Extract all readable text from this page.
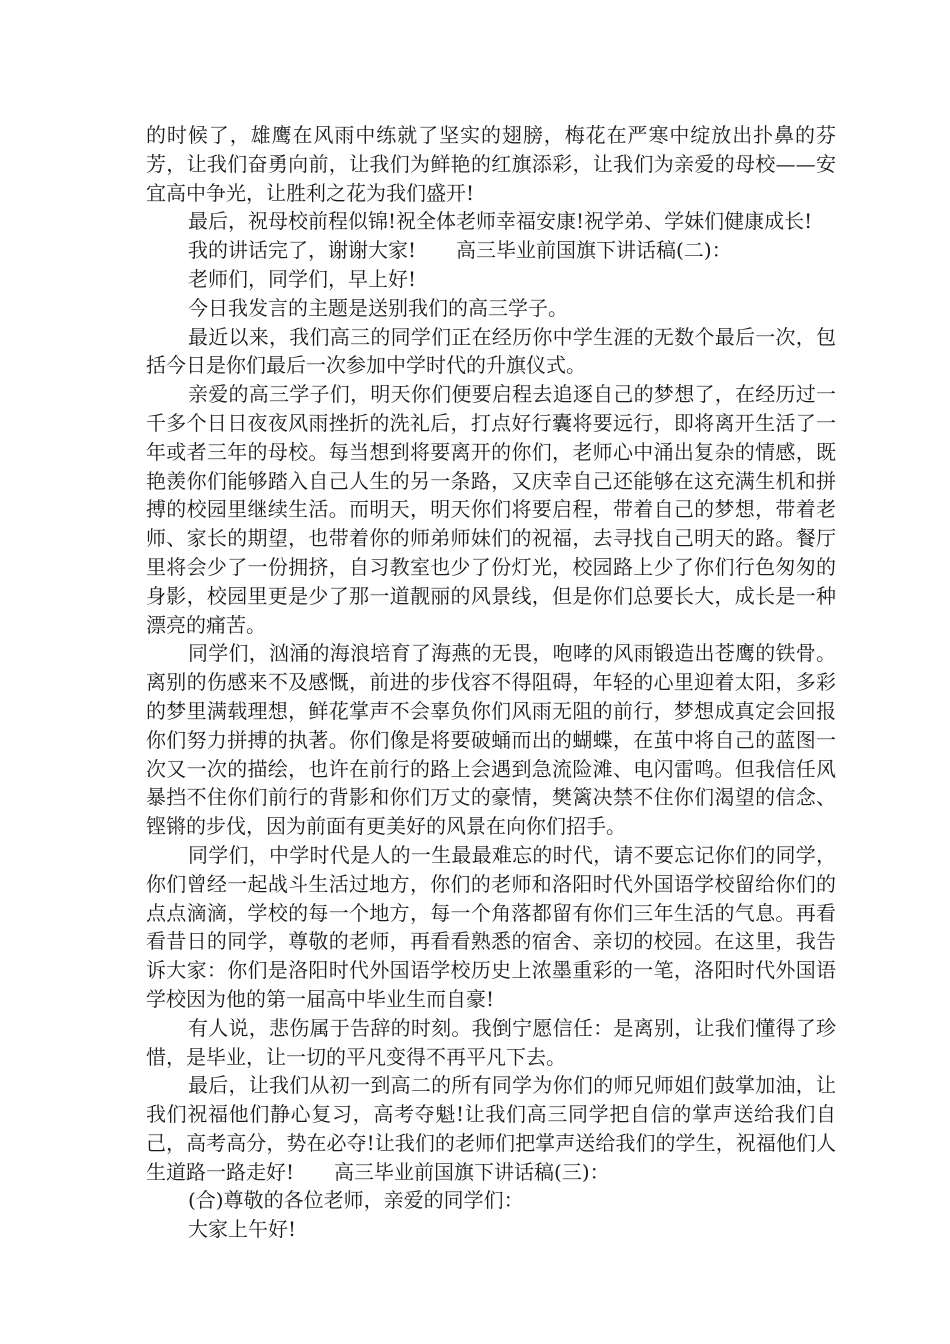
的时候了，雄鹰在风雨中练就了坚实的翅膀，梅花在严寒中绽放出扑鼻的芬芳，让我们奋勇向前，让我们为鲜艳的红旗添彩，让我们为亲爱的母校——安宜高中争光，让胜利之花为我们盛开!

最后，祝母校前程似锦!祝全体老师幸福安康!祝学弟、学妹们健康成长!

我的讲话完了，谢谢大家!　　高三毕业前国旗下讲话稿(二)：

老师们，同学们，早上好!

今日我发言的主题是送别我们的高三学子。

最近以来，我们高三的同学们正在经历你中学生涯的无数个最后一次，包括今日是你们最后一次参加中学时代的升旗仪式。

亲爱的高三学子们，明天你们便要启程去追逐自己的梦想了，在经历过一千多个日日夜夜风雨挫折的洗礼后，打点好行囊将要远行，即将离开生活了一年或者三年的母校。每当想到将要离开的你们，老师心中涌出复杂的情感，既艳羡你们能够踏入自己人生的另一条路，又庆幸自己还能够在这充满生机和拼搏的校园里继续生活。而明天，明天你们将要启程，带着自己的梦想，带着老师、家长的期望，也带着你的师弟师妹们的祝福，去寻找自己明天的路。餐厅里将会少了一份拥挤，自习教室也少了份灯光，校园路上少了你们行色匆匆的身影，校园里更是少了那一道靓丽的风景线，但是你们总要长大，成长是一种漂亮的痛苦。

同学们，汹涌的海浪培育了海燕的无畏，咆哮的风雨锻造出苍鹰的铁骨。离别的伤感来不及感慨，前进的步伐容不得阻碍，年轻的心里迎着太阳，多彩的梦里满载理想，鲜花掌声不会辜负你们风雨无阻的前行，梦想成真定会回报你们努力拼搏的执著。你们像是将要破蛹而出的蝴蝶，在茧中将自己的蓝图一次又一次的描绘，也许在前行的路上会遇到急流险滩、电闪雷鸣。但我信任风暴挡不住你们前行的背影和你们万丈的豪情，樊篱决禁不住你们渴望的信念、铿锵的步伐，因为前面有更美好的风景在向你们招手。

同学们，中学时代是人的一生最最难忘的时代，请不要忘记你们的同学，你们曾经一起战斗生活过地方，你们的老师和洛阳时代外国语学校留给你们的点点滴滴，学校的每一个地方，每一个角落都留有你们三年生活的气息。再看看昔日的同学，尊敬的老师，再看看熟悉的宿舍、亲切的校园。在这里，我告诉大家：你们是洛阳时代外国语学校历史上浓墨重彩的一笔，洛阳时代外国语学校因为他的第一届高中毕业生而自豪!

有人说，悲伤属于告辞的时刻。我倒宁愿信任：是离别，让我们懂得了珍惜，是毕业，让一切的平凡变得不再平凡下去。

最后，让我们从初一到高二的所有同学为你们的师兄师姐们鼓掌加油，让我们祝福他们静心复习，高考夺魁!让我们高三同学把自信的掌声送给我们自己，高考高分，势在必夺!让我们的老师们把掌声送给我们的学生，祝福他们人生道路一路走好!　　高三毕业前国旗下讲话稿(三)：

(合)尊敬的各位老师，亲爱的同学们：

大家上午好!
